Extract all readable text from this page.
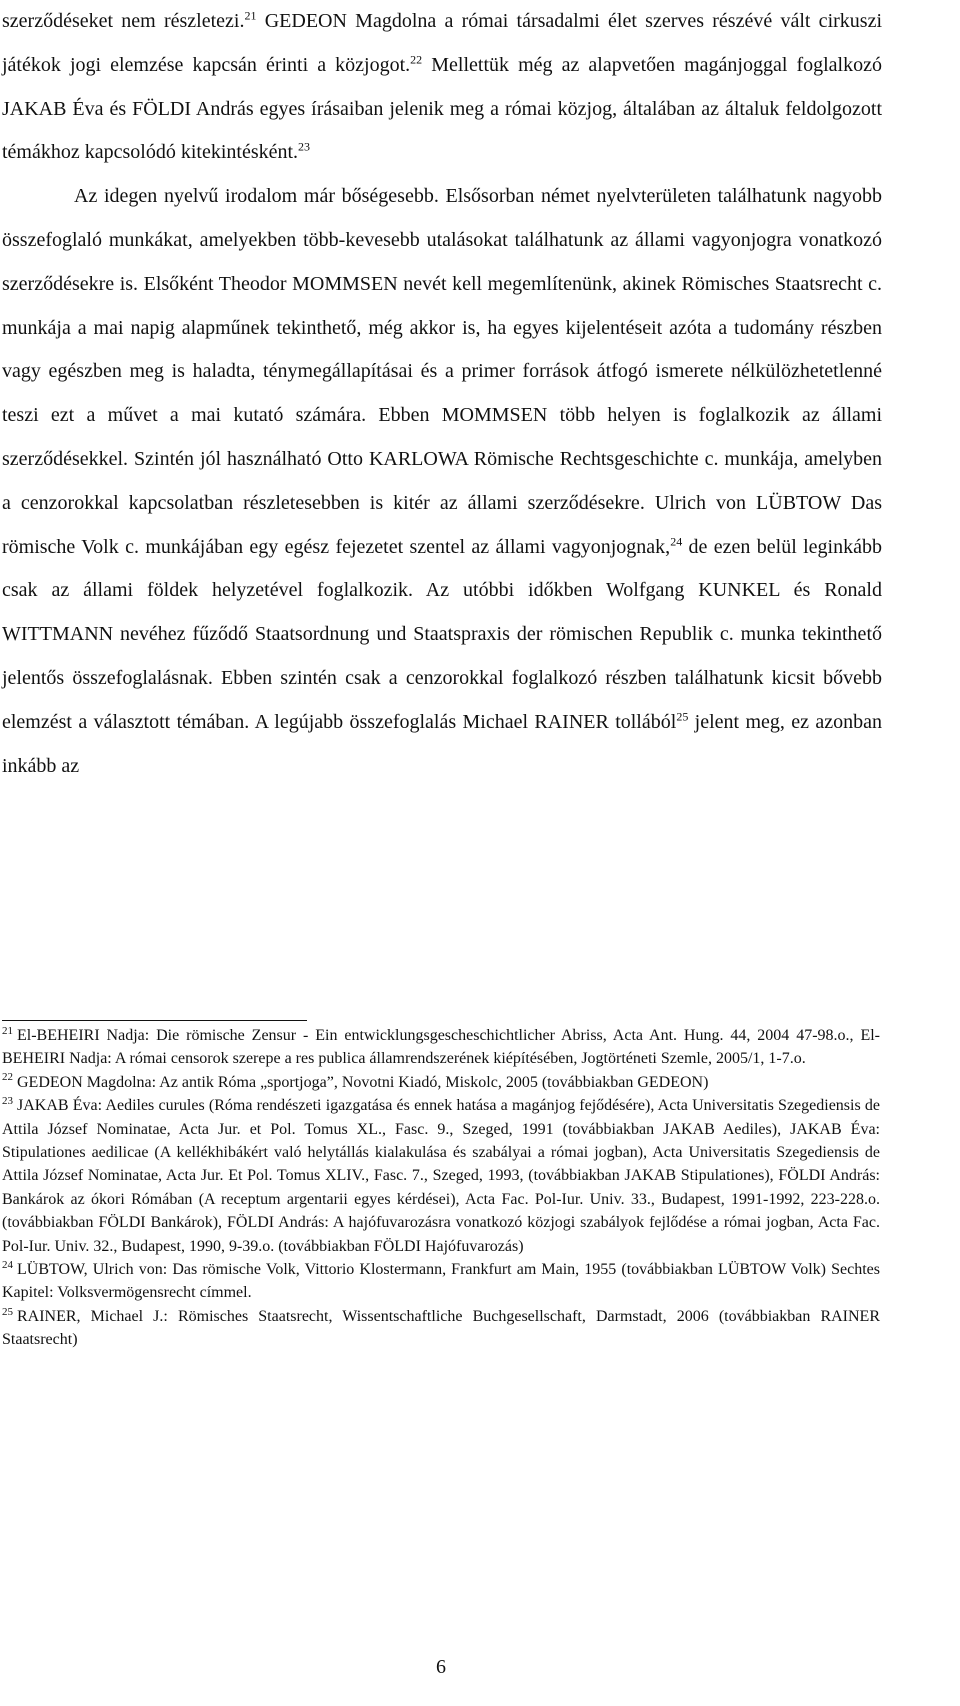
szerződéseket nem részletezi.$^{21}$ GEDEON Magdolna a római társadalmi élet szerves részévé vált cirkuszi játékok jogi elemzése kapcsán érinti a közjogot.$^{22}$ Mellettük még az alapvetően magánjoggal foglalkozó JAKAB Éva és FÖLDI András egyes írásaiban jelenik meg a római közjog, általában az általuk feldolgozott témákhoz kapcsolódó kitekintésként.$^{23}$

Az idegen nyelvű irodalom már bőségesebb. Elsősorban német nyelvterületen találhatunk nagyobb összefoglaló munkákat, amelyekben több-kevesebb utalásokat találhatunk az állami vagyonjogra vonatkozó szerződésekre is. Elsőként Theodor MOMMSEN nevét kell megemlítenünk, akinek Römisches Staatsrecht c. munkája a mai napig alapműnek tekinthető, még akkor is, ha egyes kijelentéseit azóta a tudomány részben vagy egészben meg is haladta, ténymegállapításai és a primer források átfogó ismerete nélkülözhetetlenné teszi ezt a művet a mai kutató számára. Ebben MOMMSEN több helyen is foglalkozik az állami szerződésekkel. Szintén jól használható Otto KARLOWA Römische Rechtsgeschichte c. munkája, amelyben a cenzorokkal kapcsolatban részletesebben is kitér az állami szerződésekre. Ulrich von LÜBTOW Das römische Volk c. munkájában egy egész fejezetet szentel az állami vagyonjognak,$^{24}$ de ezen belül leginkább csak az állami földek helyzetével foglalkozik. Az utóbbi időkben Wolfgang KUNKEL és Ronald WITTMANN nevéhez fűződő Staatsordnung und Staatspraxis der römischen Republik c. munka tekinthető jelentős összefoglalásnak. Ebben szintén csak a cenzorokkal foglalkozó részben találhatunk kicsit bővebb elemzést a választott témában. A legújabb összefoglalás Michael RAINER tollából$^{25}$ jelent meg, ez azonban inkább az

$^{21}$ El-BEHEIRI Nadja: Die römische Zensur - Ein entwicklungsgescheschichtlicher Abriss, Acta Ant. Hung. 44, 2004 47-98.o., El-BEHEIRI Nadja: A római censorok szerepe a res publica államrendszerének kiépítésében, Jogtörténeti Szemle, 2005/1, 1-7.o.

$^{22}$ GEDEON Magdolna: Az antik Róma „sportjoga”, Novotni Kiadó, Miskolc, 2005 (továbbiakban GEDEON)

$^{23}$ JAKAB Éva: Aediles curules (Róma rendészeti igazgatása és ennek hatása a magánjog fejődésére), Acta Universitatis Szegediensis de Attila József Nominatae, Acta Jur. et Pol. Tomus XL., Fasc. 9., Szeged, 1991 (továbbiakban JAKAB Aediles), JAKAB Éva: Stipulationes aedilicae (A kellékhibákért való helytállás kialakulása és szabályai a római jogban), Acta Universitatis Szegediensis de Attila József Nominatae, Acta Jur. Et Pol. Tomus XLIV., Fasc. 7., Szeged, 1993, (továbbiakban JAKAB Stipulationes), FÖLDI András: Bankárok az ókori Rómában (A receptum argentarii egyes kérdései), Acta Fac. Pol-Iur. Univ. 33., Budapest, 1991-1992, 223-228.o. (továbbiakban FÖLDI Bankárok), FÖLDI András: A hajófuvarozásra vonatkozó közjogi szabályok fejlődése a római jogban, Acta Fac. Pol-Iur. Univ. 32., Budapest, 1990, 9-39.o. (továbbiakban FÖLDI Hajófuvarozás)

$^{24}$ LÜBTOW, Ulrich von: Das römische Volk, Vittorio Klostermann, Frankfurt am Main, 1955 (továbbiakban LÜBTOW Volk) Sechtes Kapitel: Volksvermögensrecht címmel.

$^{25}$ RAINER, Michael J.: Römisches Staatsrecht, Wissentschaftliche Buchgesellschaft, Darmstadt, 2006 (továbbiakban RAINER Staatsrecht)

6
